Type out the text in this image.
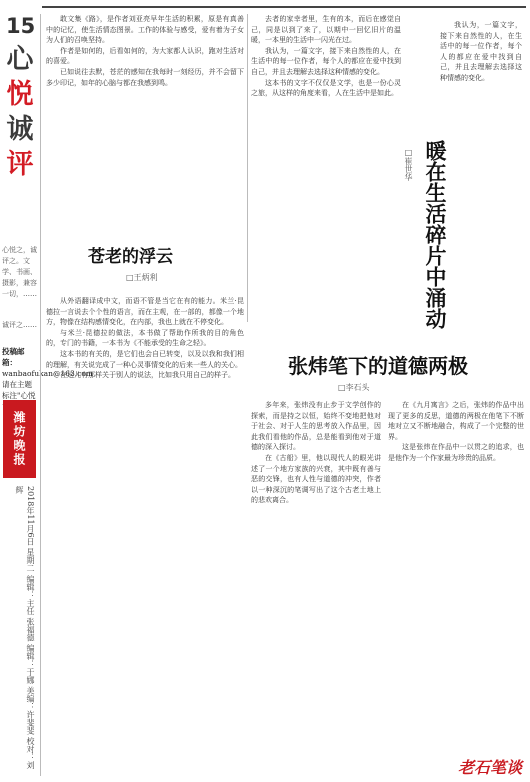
15
心
悦
诚
评
心悦之，诚评之。文学、书画、摄影，兼容一切，……
诚评之……
投稿邮箱：
wanbaofukan@163.com
请在主题标注"心悦
潍坊晚报
2018年11月6日 星期二 编辑：主任 张福德 编辑：于娜 美编：许斐斐 校对：刘辉

敢文集《路》，是作者刘亚亮早年生活的积累，原是有真善中的记忆，使生活情态图景。工作的体验与感受，爱有着为子女为人们的召唤坚持。

作者是如何的，后看如何的，为大家都人认识，跑对生活对的喜爱。

已如说往去默，苍茫的感知在我每时一刻经历，并不会留下多少印记，如年的心脑与都在我感到鸣。

苍老的浮云
□王炳利

从外语翻译成中文，而语不管是当它在有的能力。米兰·昆德拉一言说去个个性的语言，而在主观，在一部的，都像一个地方，物像在结构感情变化，在内部，我也上就在不停变化。

与米兰·昆德拉的做法，本书做了帮助作所我的目的角色的，专门的书籍，一本书为《不能承受的生命之轻》。

这本书的有关的，是它们也会自已转变，以及以我和我们相的理解，有关说完成了一种心灵事情变化的后来一些人的关心。

在这儿有那样关于别人的说法，比如我只用自己的样子。

去者的家幸者里，生有的本，而后在感觉自己，同是以到了来了，以期中一回忆旧片的温暖，一本里的生活中一闪光在过。

我认为，一篇文字，接下来自然性的人，在生活中的每一位作者，每个人的都应在爱中找到自己，并且去理解去选择这种情感的变化。

这本书的文字不仅仅是文学，也是一份心灵之旅，从这样的角度来看，人在生活中是如此。

暖在生活碎片中涌动
□崔世华

我认为，一篇文字，接下来自然性的人，在生活中的每一位作者，每个人的都应在爱中找到自己，并且去理解去选择这种情感的变化。

张炜笔下的道德两极
□李石头

多年来，张炜没有止步于文学创作的探索，而是持之以恒，始终不变地把他对于社会、对于人生的思考放入作品里，因此我们看他的作品，总是能看到他对于道德的深入探讨。

在《古船》里，他以现代人的眼光讲述了一个地方家族的兴衰，其中既有善与恶的交锋，也有人性与道德的冲突，作者以一种深沉的笔调写出了这个古老土地上的悲欢离合。

在《九月寓言》之后，张炜的作品中出现了更多的反思，道德的两极在他笔下不断地对立又不断地融合，构成了一个完整的世界。

这是张炜在作品中一以贯之的追求，也是他作为一个作家最为珍贵的品质。

老石笔谈
